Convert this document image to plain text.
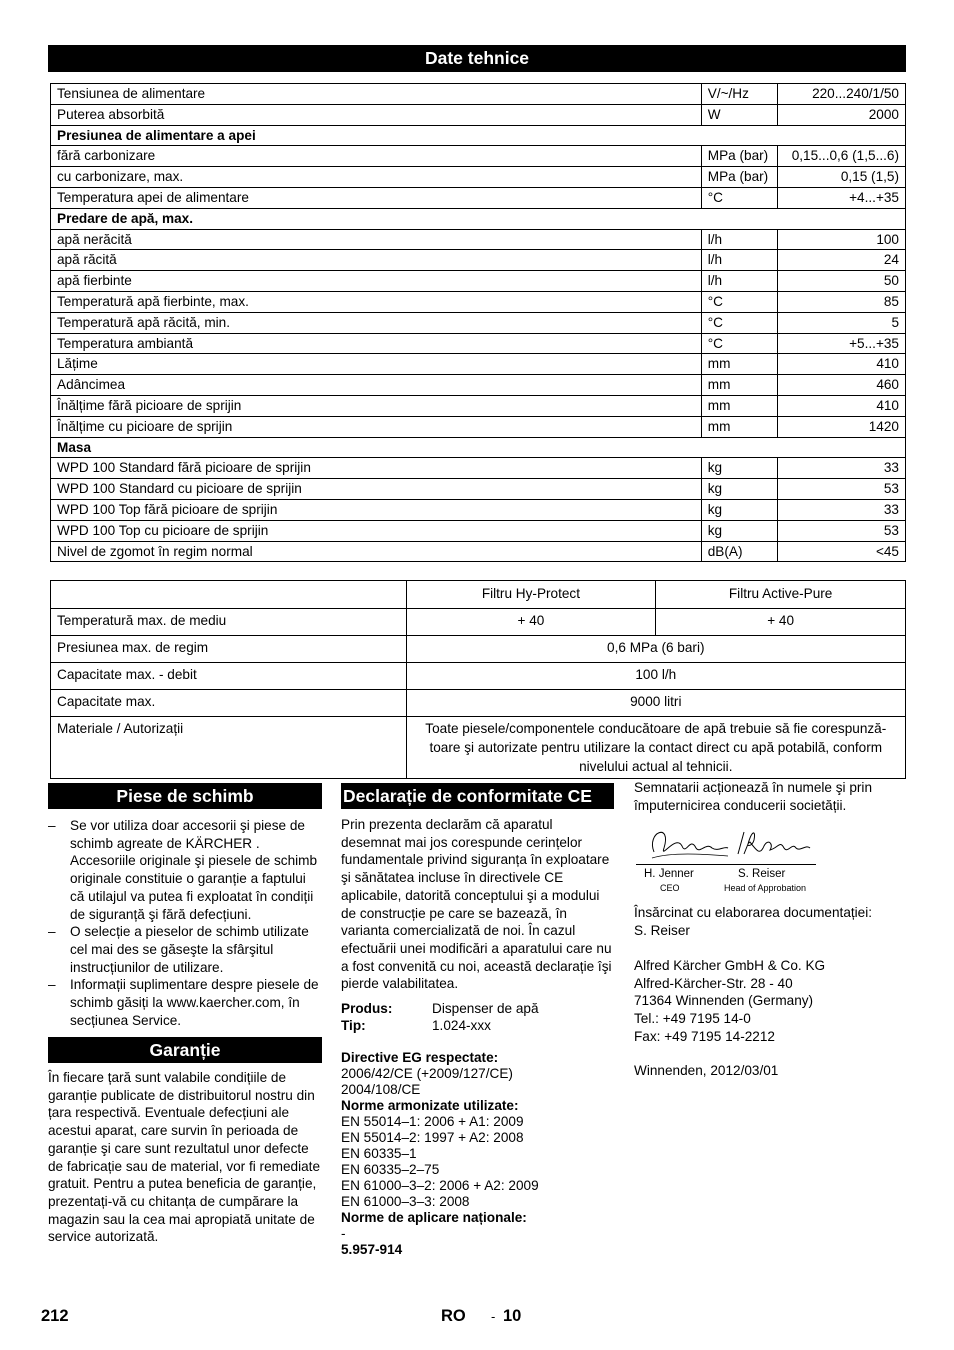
Date tehnice
Tensiunea de alimentare	V/~/Hz	220...240/1/50
Puterea absorbită	W	2000
Presiunea de alimentare a apei		
fără carbonizare	MPa (bar)	0,15...0,6 (1,5...6)
cu carbonizare, max.	MPa (bar)	0,15 (1,5)
Temperatura apei de alimentare	°C	+4...+35
Predare de apă, max.		
apă nerăcită	l/h	100
apă răcită	l/h	24
apă fierbinte	l/h	50
Temperatură apă fierbinte, max.	°C	85
Temperatură apă răcită, min.	°C	5
Temperatura ambiantă	°C	+5...+35
Lățime	mm	410
Adâncimea	mm	460
Înălțime fără picioare de sprijin	mm	410
Înălțime cu picioare de sprijin	mm	1420
Masa		
WPD 100 Standard fără picioare de sprijin	kg	33
WPD 100 Standard cu picioare de sprijin	kg	53
WPD 100 Top fără picioare de sprijin	kg	33
WPD 100 Top cu picioare de sprijin	kg	53
Nivel de zgomot în regim normal	dB(A)	<45
	Filtru Hy-Protect	Filtru Active-Pure
Temperatură max. de mediu	+ 40	+ 40
Presiunea max. de regim	0,6 MPa (6 bari)	
Capacitate max. - debit	100 l/h	
Capacitate max.	9000 litri	
Materiale / Autorizații	Toate piesele/componentele conducătoare de apă trebuie să fie corespunză-toare şi autorizate pentru utilizare la contact direct cu apă potabilă, conform nivelului actual al tehnicii.	
Piese de schimb
– Se vor utiliza doar accesorii şi piese de schimb agreate de KÄRCHER . Accesoriile originale şi piesele de schimb originale constituie o garanție a faptului că utilajul va putea fi exploatat în condiții de siguranță şi fără defecțiuni.
– O selecție a pieselor de schimb utilizate cel mai des se găseşte la sfârşitul instrucțiunilor de utilizare.
– Informații suplimentare despre piesele de schimb găsiți la www.kaercher.com, în secțiunea Service.
Garanție

În fiecare țară sunt valabile condițiile de garanție publicate de distribuitorul nostru din țara respectivă. Eventuale defecțiuni ale acestui aparat, care survin în perioada de garanție şi care sunt rezultatul unor defecte de fabricație sau de material, vor fi remediate gratuit. Pentru a putea beneficia de garanție, prezentați-vă cu chitanța de cumpărare la magazin sau la cea mai apropiată unitate de service autorizată.

Declarație de conformitate CE

Prin prezenta declarăm că aparatul desemnat mai jos corespunde cerințelor fundamentale privind siguranța în exploatare şi sănătatea incluse în directivele CE aplicabile, datorită conceptului şi a modului de construcție pe care se bazează, în varianta comercializată de noi. În cazul efectuării unei modificări a aparatului care nu a fost convenită cu noi, această declarație îşi pierde valabilitatea.

Produs:	Dispenser de apă
Tip:	1.024-xxx
Directive EG respectate:
2006/42/CE (+2009/127/CE)
2004/108/CE
Norme armonizate utilizate:
EN 55014–1: 2006 + A1: 2009
EN 55014–2: 1997 + A2: 2008
EN 60335–1
EN 60335–2–75
EN 61000–3–2: 2006 + A2: 2009
EN 61000–3–3: 2008
Norme de aplicare naționale:
-
5.957-914

Semnatarii acționează în numele şi prin împuternicirea conducerii societății.

H. Jenner
CEO
S. Reiser
Head of Approbation
Însărcinat cu elaborarea documentației:
S. Reiser
Alfred Kärcher GmbH & Co. KG
Alfred-Kärcher-Str. 28 - 40
71364 Winnenden (Germany)
Tel.: +49 7195 14-0
Fax: +49 7195 14-2212
Winnenden, 2012/03/01
212	RO - 10
